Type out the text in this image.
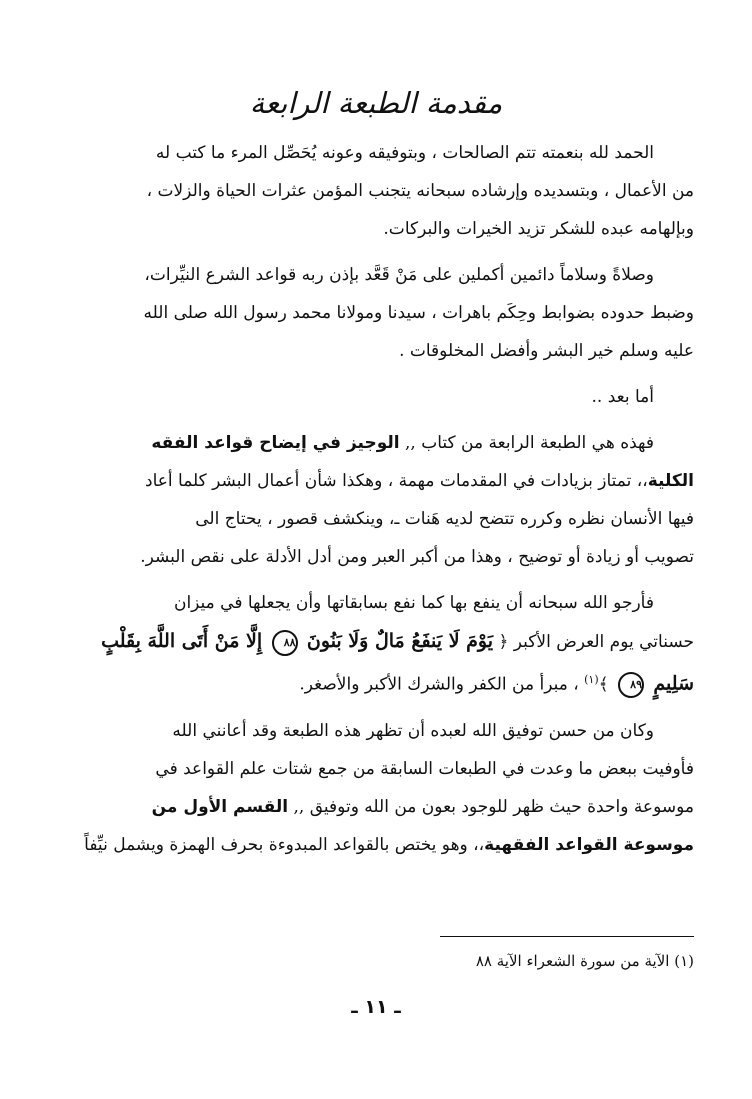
مقدمة الطبعة الرابعة
الحمد لله بنعمته تتم الصالحات ، وبتوفيقه وعونه يُحَصِّل المرء ما كتب له
من الأعمال ، وبتسديده وإرشاده سبحانه يتجنب المؤمن عثرات الحياة والزلات ،
وبإلهامه عبده للشكر تزيد الخيرات والبركات.
وصلاةً وسلاماً دائمين أكملين على مَنْ قَعَّد بإذن ربه قواعد الشرع النيِّرات،
وضبط حدوده بضوابط وحِكَم باهرات ، سيدنا ومولانا محمد رسول الله صلى الله
عليه وسلم خير البشر وأفضل المخلوقات .
أما بعد ..
فهذه هي الطبعة الرابعة من كتاب ,, الوجيز في إيضاح قواعد الفقه
الكلية،، تمتاز بزيادات في المقدمات مهمة ، وهكذا شأن أعمال البشر كلما أعاد
فيها الأنسان نظره وكرره تتضح لديه هَنات ـ، وينكشف قصور ، يحتاج الى
تصويب أو زيادة أو توضيح ، وهذا من أكبر العبر ومن أدل الأدلة على نقص البشر.
فأرجو الله سبحانه أن ينفع بها كما نفع بسابقاتها وأن يجعلها في ميزان
حسناتي يوم العرض الأكبر ﴿ يَوْمَ لَا يَنفَعُ مَالٌ وَلَا بَنُونَ ٨٨ إِلَّا مَنْ أَتَى اللَّهَ بِقَلْبٍ
سَلِيمٍ ٨٩ ﴾$^{(١)}$ ، مبرأ من الكفر والشرك الأكبر والأصغر.
وكان من حسن توفيق الله لعبده أن تظهر هذه الطبعة وقد أعانني الله
فأوفيت ببعض ما وعدت في الطبعات السابقة من جمع شتات علم القواعد في
موسوعة واحدة حيث ظهر للوجود بعون من الله وتوفيق ,, القسم الأول من
موسوعة القواعد الفقهية،، وهو يختص بالقواعد المبدوءة بحرف الهمزة ويشمل نيِّفاً
(١) الآية من سورة الشعراء الآية ٨٨
ـ ١١ ـ
